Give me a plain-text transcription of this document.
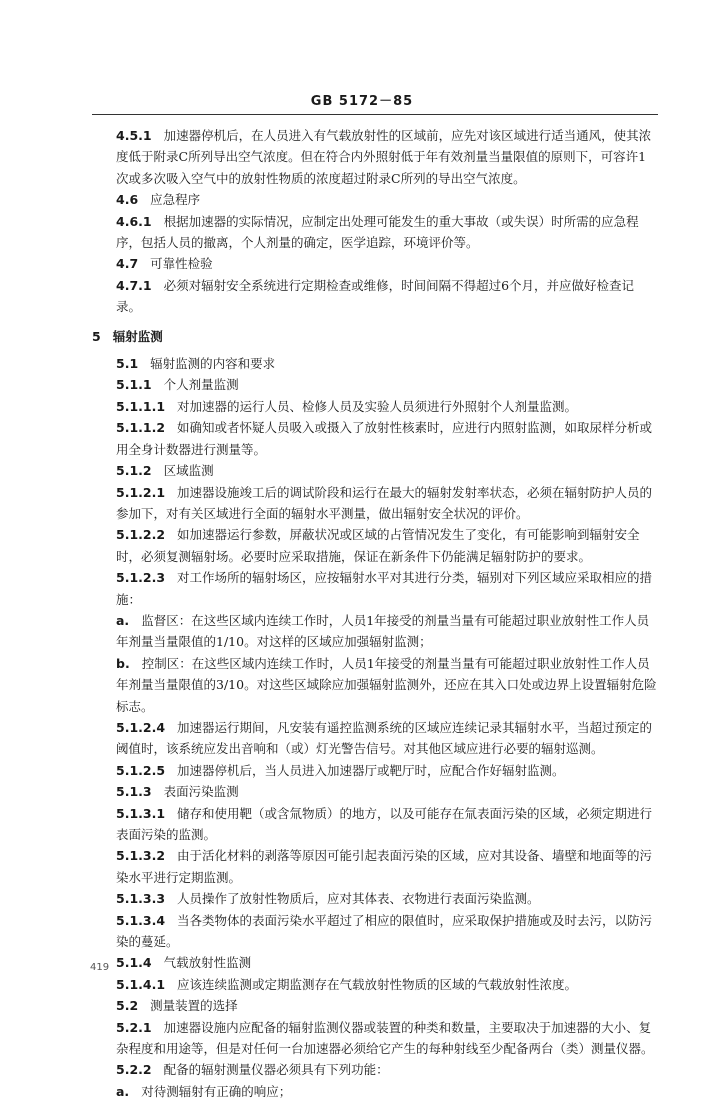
GB 5172－85

4.5.1 加速器停机后，在人员进入有气载放射性的区域前，应先对该区域进行适当通风，使其浓度低于附录C所列导出空气浓度。但在符合内外照射低于年有效剂量当量限值的原则下，可容许1次或多次吸入空气中的放射性物质的浓度超过附录C所列的导出空气浓度。

4.6 应急程序

4.6.1 根据加速器的实际情况，应制定出处理可能发生的重大事故（或失误）时所需的应急程序，包括人员的撤离，个人剂量的确定，医学追踪，环境评价等。

4.7 可靠性检验

4.7.1 必须对辐射安全系统进行定期检查或维修，时间间隔不得超过6个月，并应做好检查记录。

5 辐射监测

5.1 辐射监测的内容和要求

5.1.1 个人剂量监测

5.1.1.1 对加速器的运行人员、检修人员及实验人员须进行外照射个人剂量监测。

5.1.1.2 如确知或者怀疑人员吸入或摄入了放射性核素时，应进行内照射监测，如取尿样分析或用全身计数器进行测量等。

5.1.2 区域监测

5.1.2.1 加速器设施竣工后的调试阶段和运行在最大的辐射发射率状态，必须在辐射防护人员的参加下，对有关区域进行全面的辐射水平测量，做出辐射安全状况的评价。

5.1.2.2 如加速器运行参数，屏蔽状况或区域的占管情况发生了变化，有可能影响到辐射安全时，必须复测辐射场。必要时应采取措施，保证在新条件下仍能满足辐射防护的要求。

5.1.2.3 对工作场所的辐射场区，应按辐射水平对其进行分类，辐别对下列区域应采取相应的措施：

a. 监督区：在这些区域内连续工作时，人员1年接受的剂量当量有可能超过职业放射性工作人员年剂量当量限值的1/10。对这样的区域应加强辐射监测；

b. 控制区：在这些区域内连续工作时，人员1年接受的剂量当量有可能超过职业放射性工作人员年剂量当量限值的3/10。对这些区域除应加强辐射监测外，还应在其入口处或边界上设置辐射危险标志。

5.1.2.4 加速器运行期间，凡安装有遥控监测系统的区域应连续记录其辐射水平，当超过预定的阈值时，该系统应发出音响和（或）灯光警告信号。对其他区域应进行必要的辐射巡测。

5.1.2.5 加速器停机后，当人员进入加速器厅或靶厅时，应配合作好辐射监测。

5.1.3 表面污染监测

5.1.3.1 储存和使用靶（或含氚物质）的地方，以及可能存在氚表面污染的区域，必须定期进行表面污染的监测。

5.1.3.2 由于活化材料的剥落等原因可能引起表面污染的区域，应对其设备、墙壁和地面等的污染水平进行定期监测。

5.1.3.3 人员操作了放射性物质后，应对其体表、衣物进行表面污染监测。

5.1.3.4 当各类物体的表面污染水平超过了相应的限值时，应采取保护措施或及时去污，以防污染的蔓延。

5.1.4 气载放射性监测

5.1.4.1 应该连续监测或定期监测存在气载放射性物质的区域的气载放射性浓度。

5.2 测量装置的选择

5.2.1 加速器设施内应配备的辐射监测仪器或装置的种类和数量，主要取决于加速器的大小、复杂程度和用途等，但是对任何一台加速器必须给它产生的每种射线至少配备两台（类）测量仪器。

5.2.2 配备的辐射测量仪器必须具有下列功能：

a. 对待测辐射有正确的响应；

419
